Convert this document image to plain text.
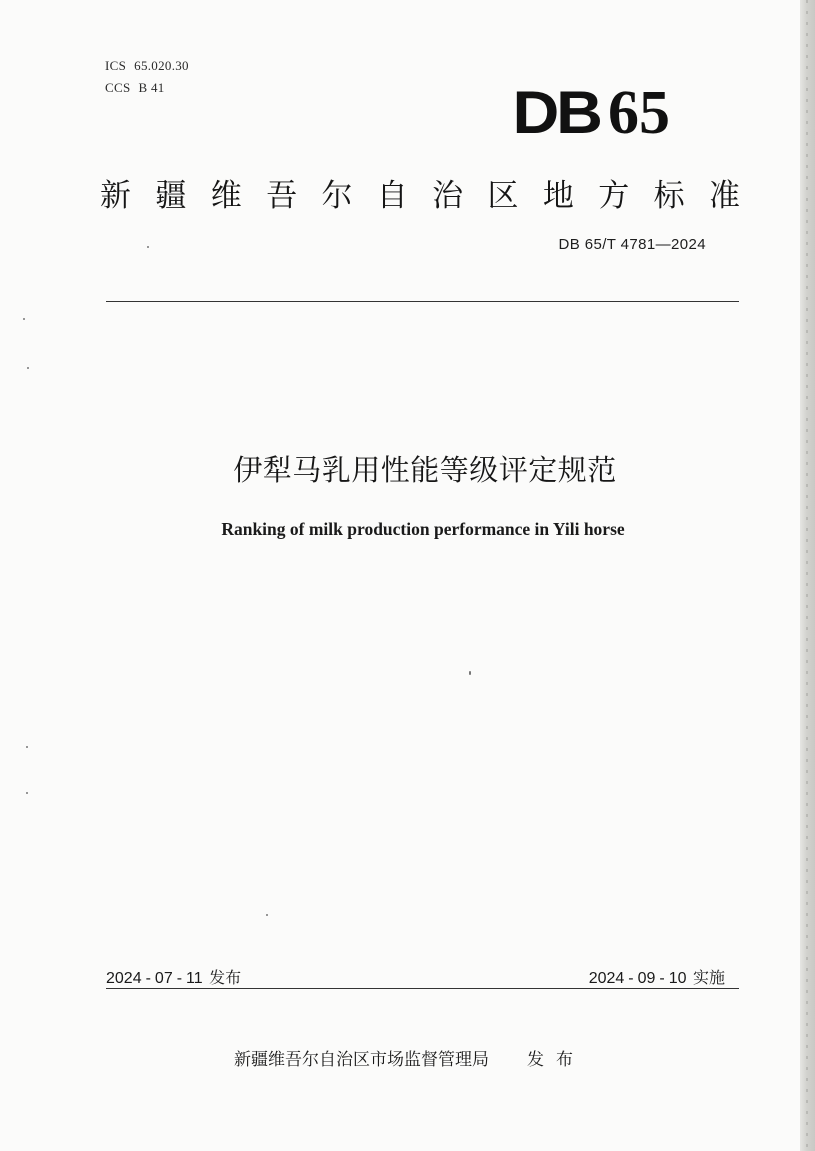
ICS 65.020.30
CCS B 41	DB 65
新 疆 维 吾 尔 自 治 区 地 方 标 准
DB 65/T 4781—2024
伊犁马乳用性能等级评定规范
Ranking of milk production performance in Yili horse
2024 - 07 - 11 发布	2024 - 09 - 10 实施
新疆维吾尔自治区市场监督管理局 发布
